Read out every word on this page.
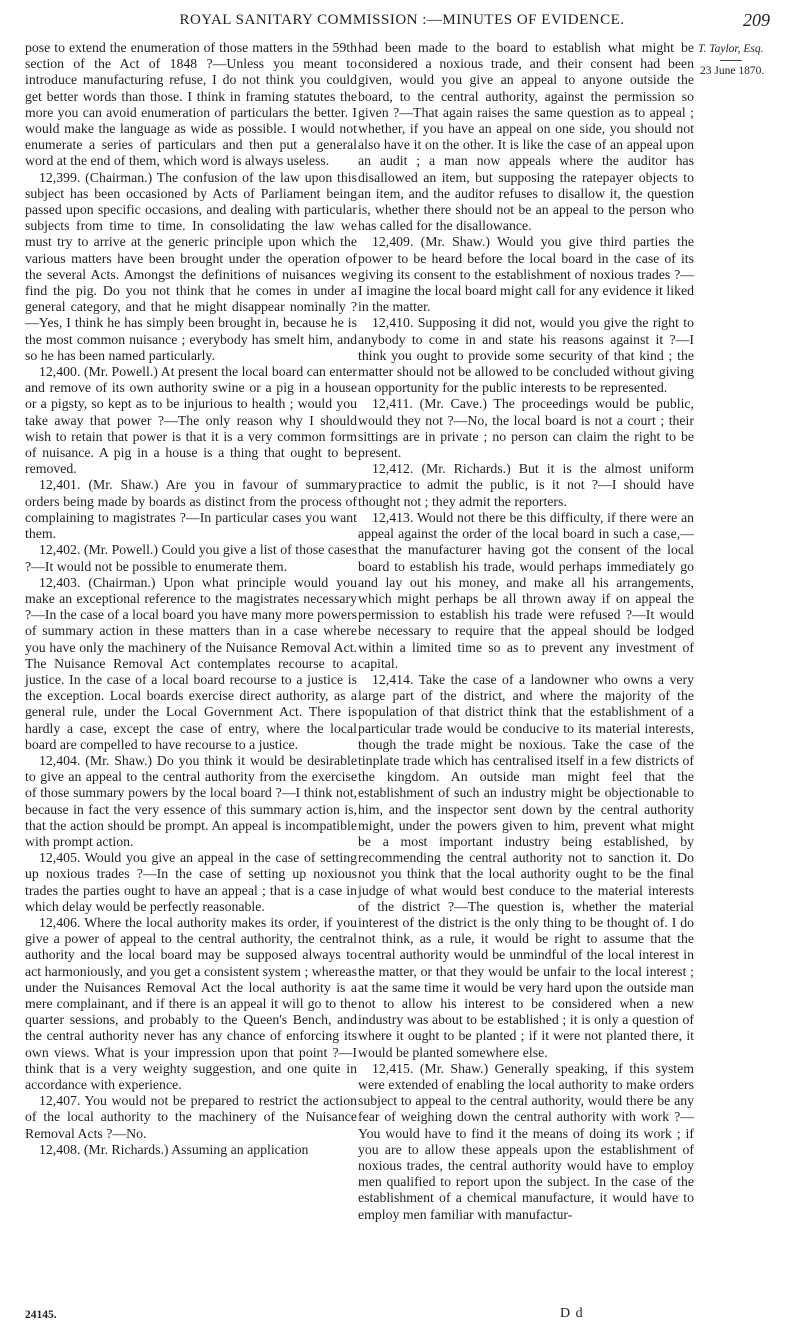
ROYAL SANITARY COMMISSION :—MINUTES OF EVIDENCE.	209
T. Taylor, Esq.
23 June 1870.

pose to extend the enumeration of those matters in the 59th section of the Act of 1848 ?—Unless you meant to introduce manufacturing refuse, I do not think you could get better words than those. I think in framing statutes the more you can avoid enumeration of particulars the better. I would make the language as wide as possible. I would not enumerate a series of particulars and then put a general word at the end of them, which word is always useless.

12,399. (Chairman.) The confusion of the law upon this subject has been occasioned by Acts of Parliament being passed upon specific occasions, and dealing with particular subjects from time to time. In consolidating the law we must try to arrive at the generic principle upon which the various matters have been brought under the operation of the several Acts. Amongst the definitions of nuisances we find the pig. Do you not think that he comes in under a general category, and that he might disappear nominally ?—Yes, I think he has simply been brought in, because he is the most common nuisance ; everybody has smelt him, and so he has been named particularly.

12,400. (Mr. Powell.) At present the local board can enter and remove of its own authority swine or a pig in a house or a pigsty, so kept as to be injurious to health ; would you take away that power ?—The only reason why I should wish to retain that power is that it is a very common form of nuisance. A pig in a house is a thing that ought to be removed.

12,401. (Mr. Shaw.) Are you in favour of summary orders being made by boards as distinct from the process of complaining to magistrates ?—In particular cases you want them.

12,402. (Mr. Powell.) Could you give a list of those cases ?—It would not be possible to enumerate them.

12,403. (Chairman.) Upon what principle would you make an exceptional reference to the magistrates necessary ?—In the case of a local board you have many more powers of summary action in these matters than in a case where you have only the machinery of the Nuisance Removal Act. The Nuisance Removal Act contemplates recourse to a justice. In the case of a local board recourse to a justice is the exception. Local boards exercise direct authority, as a general rule, under the Local Government Act. There is hardly a case, except the case of entry, where the local board are compelled to have recourse to a justice.

12,404. (Mr. Shaw.) Do you think it would be desirable to give an appeal to the central authority from the exercise of those summary powers by the local board ?—I think not, because in fact the very essence of this summary action is, that the action should be prompt. An appeal is incompatible with prompt action.

12,405. Would you give an appeal in the case of setting up noxious trades ?—In the case of setting up noxious trades the parties ought to have an appeal ; that is a case in which delay would be perfectly reasonable.

12,406. Where the local authority makes its order, if you give a power of appeal to the central authority, the central authority and the local board may be supposed always to act harmoniously, and you get a consistent system ; whereas under the Nuisances Removal Act the local authority is a mere complainant, and if there is an appeal it will go to the quarter sessions, and probably to the Queen's Bench, and the central authority never has any chance of enforcing its own views. What is your impression upon that point ?—I think that is a very weighty suggestion, and one quite in accordance with experience.

12,407. You would not be prepared to restrict the action of the local authority to the machinery of the Nuisance Removal Acts ?—No.

12,408. (Mr. Richards.) Assuming an application

had been made to the board to establish what might be considered a noxious trade, and their consent had been given, would you give an appeal to anyone outside the board, to the central authority, against the permission so given ?—That again raises the same question as to appeal ; whether, if you have an appeal on one side, you should not also have it on the other. It is like the case of an appeal upon an audit ; a man now appeals where the auditor has disallowed an item, but supposing the ratepayer objects to an item, and the auditor refuses to disallow it, the question is, whether there should not be an appeal to the person who has called for the disallowance.

12,409. (Mr. Shaw.) Would you give third parties the power to be heard before the local board in the case of its giving its consent to the establishment of noxious trades ?—I imagine the local board might call for any evidence it liked in the matter.

12,410. Supposing it did not, would you give the right to anybody to come in and state his reasons against it ?—I think you ought to provide some security of that kind ; the matter should not be allowed to be concluded without giving an opportunity for the public interests to be represented.

12,411. (Mr. Cave.) The proceedings would be public, would they not ?—No, the local board is not a court ; their sittings are in private ; no person can claim the right to be present.

12,412. (Mr. Richards.) But it is the almost uniform practice to admit the public, is it not ?—I should have thought not ; they admit the reporters.

12,413. Would not there be this difficulty, if there were an appeal against the order of the local board in such a case,—that the manufacturer having got the consent of the local board to establish his trade, would perhaps immediately go and lay out his money, and make all his arrangements, which might perhaps be all thrown away if on appeal the permission to establish his trade were refused ?—It would be necessary to require that the appeal should be lodged within a limited time so as to prevent any investment of capital.

12,414. Take the case of a landowner who owns a very large part of the district, and where the majority of the population of that district think that the establishment of a particular trade would be conducive to its material interests, though the trade might be noxious. Take the case of the tinplate trade which has centralised itself in a few districts of the kingdom. An outside man might feel that the establishment of such an industry might be objectionable to him, and the inspector sent down by the central authority might, under the powers given to him, prevent what might be a most important industry being established, by recommending the central authority not to sanction it. Do not you think that the local authority ought to be the final judge of what would best conduce to the material interests of the district ?—The question is, whether the material interest of the district is the only thing to be thought of. I do not think, as a rule, it would be right to assume that the central authority would be unmindful of the local interest in the matter, or that they would be unfair to the local interest ; at the same time it would be very hard upon the outside man not to allow his interest to be considered when a new industry was about to be established ; it is only a question of where it ought to be planted ; if it were not planted there, it would be planted somewhere else.

12,415. (Mr. Shaw.) Generally speaking, if this system were extended of enabling the local authority to make orders subject to appeal to the central authority, would there be any fear of weighing down the central authority with work ?—You would have to find it the means of doing its work ; if you are to allow these appeals upon the establishment of noxious trades, the central authority would have to employ men qualified to report upon the subject. In the case of the establishment of a chemical manufacture, it would have to employ men familiar with manufactur-

24145.	D d
